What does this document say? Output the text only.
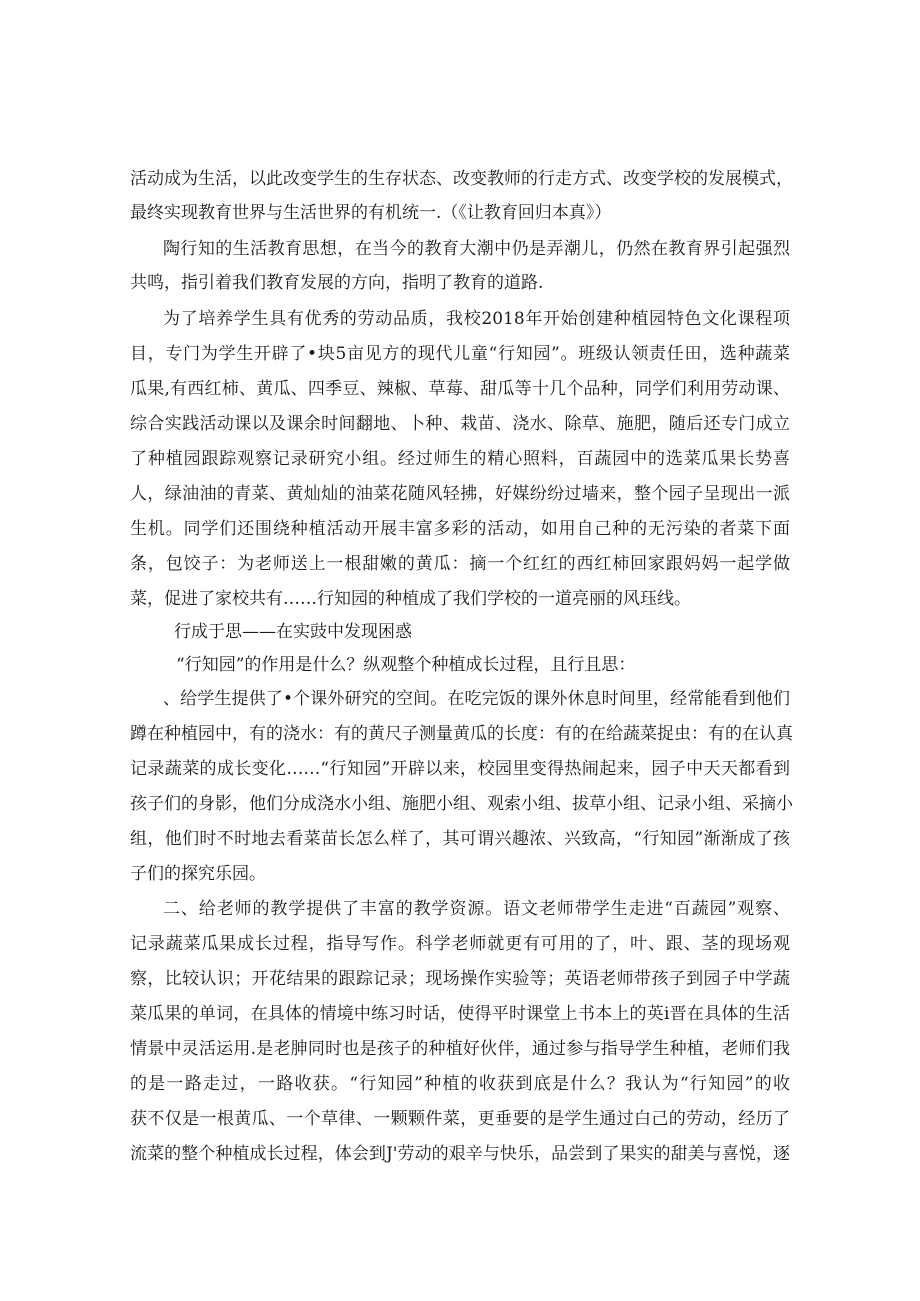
活动成为生活，以此改变学生的生存状态、改变教师的行走方式、改变学校的发展模式，
最终实现教育世界与生活世界的有机统一.（《让教育回归本真》）
陶行知的生活教育思想，在当今的教育大潮中仍是弄潮儿，仍然在教育界引起强烈
共鸣，指引着我们教育发展的方向，指明了教育的道路.
为了培养学生具有优秀的劳动品质，我校2018年开始创建种植园特色文化课程项
目，专门为学生开辟了•块5亩见方的现代儿童“行知园”。班级认领责任田，选种蔬菜
瓜果,有西红柿、黄瓜、四季豆、辣椒、草莓、甜瓜等十几个品种，同学们利用劳动课、
综合实践活动课以及课余时间翻地、卜种、栽苗、浇水、除草、施肥，随后还专门成立
了种植园跟踪观察记录研究小组。经过师生的精心照料，百蔬园中的选菜瓜果长势喜
人，绿油油的青菜、黄灿灿的油菜花随风轻拂，好媒纷纷过墙来，整个园子呈现出一派
生机。同学们还围绕种植活动开展丰富多彩的活动，如用自己种的无污染的者菜下面
条，包饺子：为老师送上一根甜嫩的黄瓜：摘一个红红的西红柿回家跟妈妈一起学做
菜，促进了家校共有……行知园的种植成了我们学校的一道亮丽的风珏线。
行成于思——在实豉中发现困惑
“行知园”的作用是什么？纵观整个种植成长过程，且行且思：
、给学生提供了•个课外研究的空间。在吃完饭的课外休息时间里，经常能看到他们
蹲在种植园中，有的浇水：有的黄尺子测量黄瓜的长度：有的在给蔬菜捉虫：有的在认真
记录蔬菜的成长变化……“行知园”开辟以来，校园里变得热闹起来，园子中天天都看到
孩子们的身影，他们分成浇水小组、施肥小组、观索小组、拔草小组、记录小组、采摘小
组，他们时不时地去看菜苗长怎么样了，其可谓兴趣浓、兴致高，“行知园”渐渐成了孩
子们的探究乐园。
二、给老师的教学提供了丰富的教学资源。语文老师带学生走进“百蔬园”观察、
记录蔬菜瓜果成长过程，指导写作。科学老师就更有可用的了，叶、跟、茎的现场观
察，比较认识；开花结果的跟踪记录；现场操作实验等；英语老师带孩子到园子中学蔬
菜瓜果的单词，在具体的情境中练习时话，使得平时课堂上书本上的英i晋在具体的生活
情景中灵活运用.是老胂同时也是孩子的种植好伙伴，通过参与指导学生种植，老师们我
的是一路走过，一路收获。“行知园”种植的收获到底是什么？我认为“行知园”的收
获不仅是一根黄瓜、一个草律、一颗颗件菜，更垂要的是学生通过白己的劳动，经历了
流菜的整个种植成长过程，体会到J'劳动的艰辛与快乐，品尝到了果实的甜美与喜悦，逐
